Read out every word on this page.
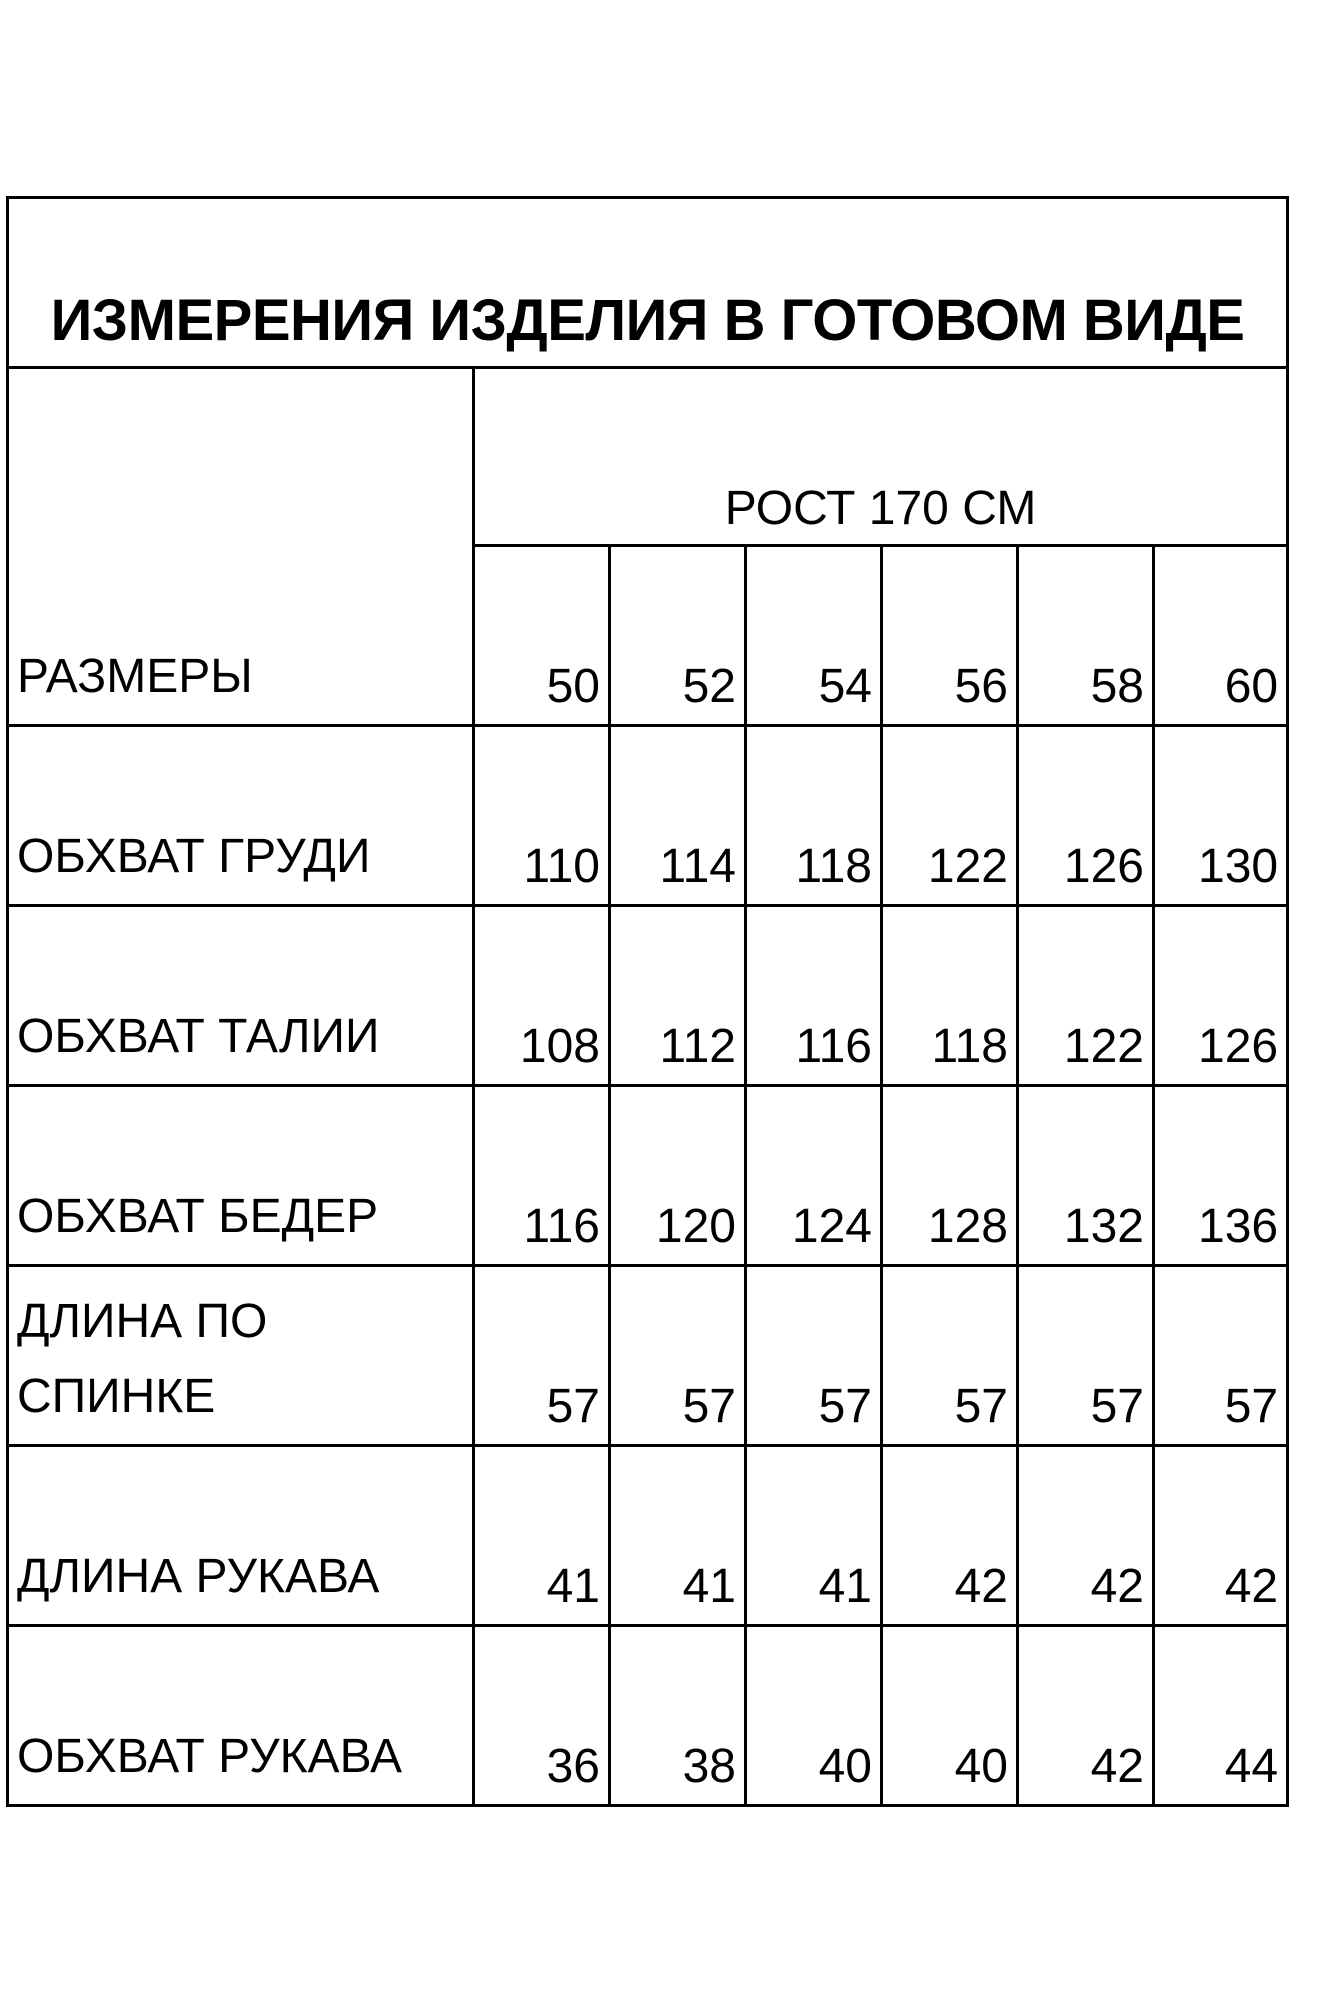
ИЗМЕРЕНИЯ ИЗДЕЛИЯ В ГОТОВОМ ВИДЕ						
	РОСТ 170 СМ					
РАЗМЕРЫ	50	52	54	56	58	60
ОБХВАТ ГРУДИ	110	114	118	122	126	130
ОБХВАТ ТАЛИИ	108	112	116	118	122	126
ОБХВАТ БЕДЕР	116	120	124	128	132	136
ДЛИНА ПО СПИНКЕ	57	57	57	57	57	57
ДЛИНА РУКАВА	41	41	41	42	42	42
ОБХВАТ РУКАВА	36	38	40	40	42	44
